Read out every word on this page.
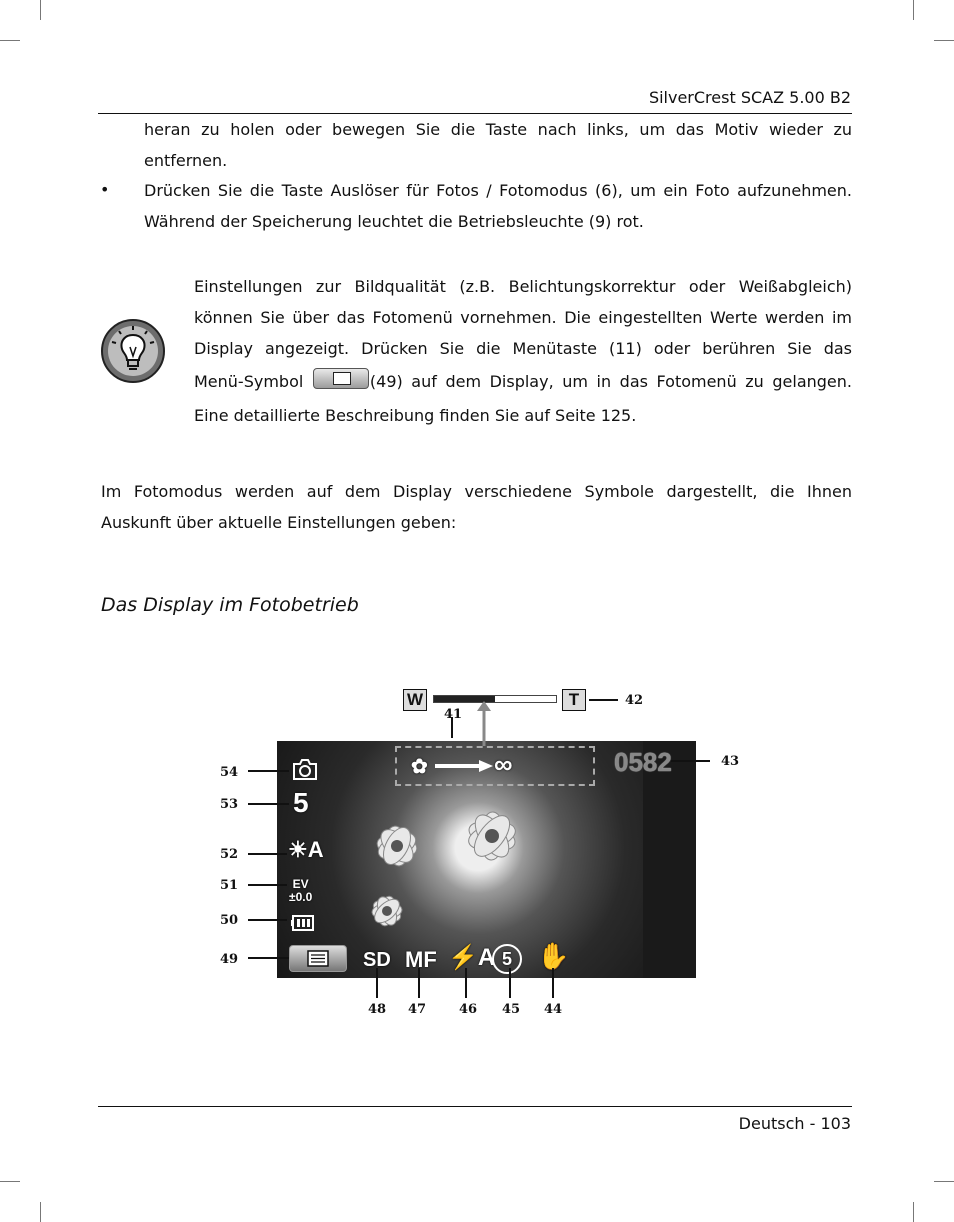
SilverCrest SCAZ 5.00 B2
heran zu holen oder bewegen Sie die Taste nach links, um das Motiv wieder zu
entfernen.
• Drücken Sie die Taste Auslöser für Fotos / Fotomodus (6), um ein Foto aufzunehmen.
Während der Speicherung leuchtet die Betriebsleuchte (9) rot.
Einstellungen zur Bildqualität (z.B. Belichtungskorrektur oder Weißabgleich)
können Sie über das Fotomenü vornehmen. Die eingestellten Werte werden im
Display angezeigt. Drücken Sie die Menütaste (11) oder berühren Sie das
Menü-Symbol	(49) auf dem Display, um in das Fotomenü zu gelangen.
Eine detaillierte Beschreibung finden Sie auf Seite 125.
Im Fotomodus werden auf dem Display verschiedene Symbole dargestellt, die Ihnen
Auskunft über aktuelle Einstellungen geben:
Das Display im Fotobetrieb
W	T
✿	∞	0582
5
☀A
EV
±0.0
SD MF ⚡A 5 ✋
42
41
43
54
53
52
51
50
49
48 47	46 45 44
Deutsch - 103
